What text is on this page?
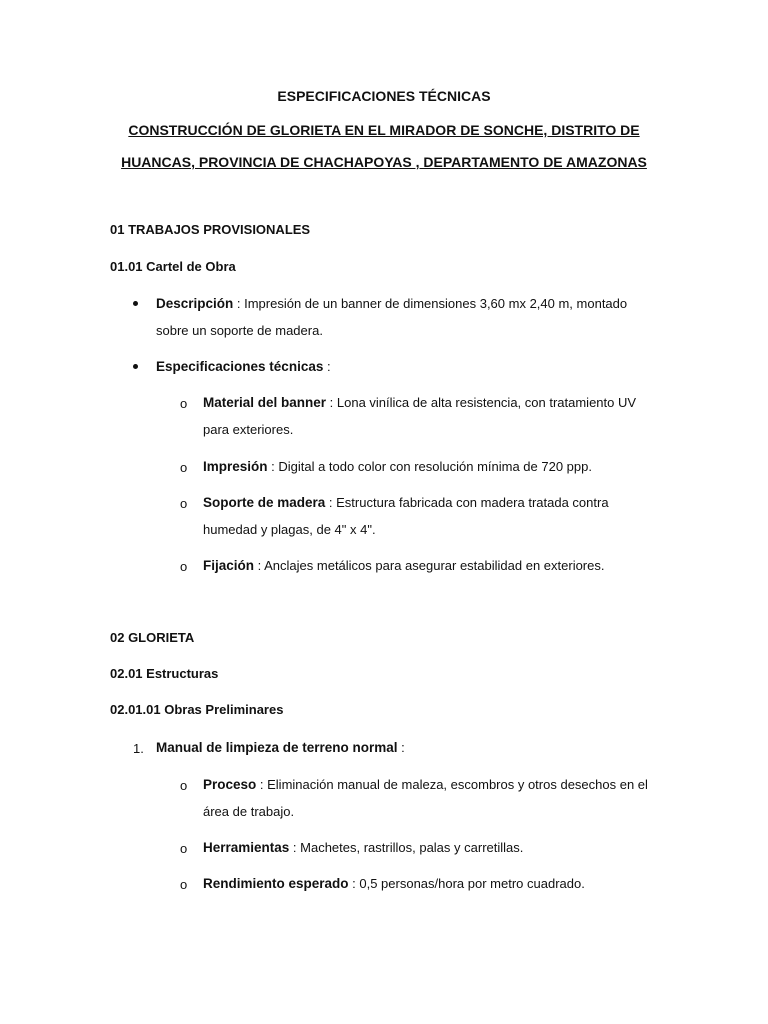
ESPECIFICACIONES TÉCNICAS
CONSTRUCCIÓN DE GLORIETA EN EL MIRADOR DE SONCHE, DISTRITO DE HUANCAS, PROVINCIA DE CHACHAPOYAS , DEPARTAMENTO DE AMAZONAS
01 TRABAJOS PROVISIONALES
01.01 Cartel de Obra
Descripción : Impresión de un banner de dimensiones 3,60 mx 2,40 m, montado sobre un soporte de madera.
Especificaciones técnicas :
o Material del banner : Lona vinílica de alta resistencia, con tratamiento UV para exteriores.
o Impresión : Digital a todo color con resolución mínima de 720 ppp.
o Soporte de madera : Estructura fabricada con madera tratada contra humedad y plagas, de 4" x 4".
o Fijación : Anclajes metálicos para asegurar estabilidad en exteriores.
02 GLORIETA
02.01 Estructuras
02.01.01 Obras Preliminares
1. Manual de limpieza de terreno normal :
o Proceso : Eliminación manual de maleza, escombros y otros desechos en el área de trabajo.
o Herramientas : Machetes, rastrillos, palas y carretillas.
o Rendimiento esperado : 0,5 personas/hora por metro cuadrado.
